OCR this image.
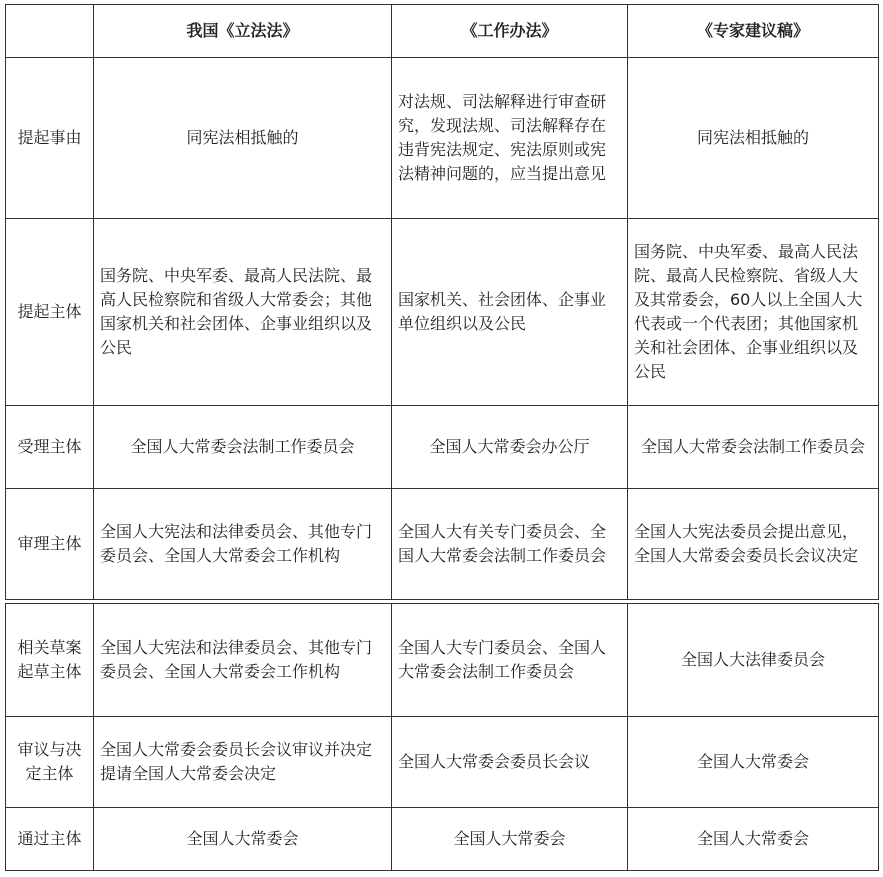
	我国《立法法》	《工作办法》	《专家建议稿》
提起事由	同宪法相抵触的	对法规、司法解释进行审查研究，发现法规、司法解释存在违背宪法规定、宪法原则或宪法精神问题的，应当提出意见	同宪法相抵触的
提起主体	国务院、中央军委、最高人民法院、最高人民检察院和省级人大常委会；其他国家机关和社会团体、企事业组织以及公民	国家机关、社会团体、企事业单位组织以及公民	国务院、中央军委、最高人民法院、最高人民检察院、省级人大及其常委会，60人以上全国人大代表或一个代表团；其他国家机关和社会团体、企事业组织以及公民
受理主体	全国人大常委会法制工作委员会	全国人大常委会办公厅	全国人大常委会法制工作委员会
审理主体	全国人大宪法和法律委员会、其他专门委员会、全国人大常委会工作机构	全国人大有关专门委员会、全国人大常委会法制工作委员会	全国人大宪法委员会提出意见，全国人大常委会委员长会议决定

相关草案起草主体	全国人大宪法和法律委员会、其他专门委员会、全国人大常委会工作机构	全国人大专门委员会、全国人大常委会法制工作委员会	全国人大法律委员会
审议与决定主体	全国人大常委会委员长会议审议并决定提请全国人大常委会决定	全国人大常委会委员长会议	全国人大常委会
通过主体	全国人大常委会	全国人大常委会	全国人大常委会
